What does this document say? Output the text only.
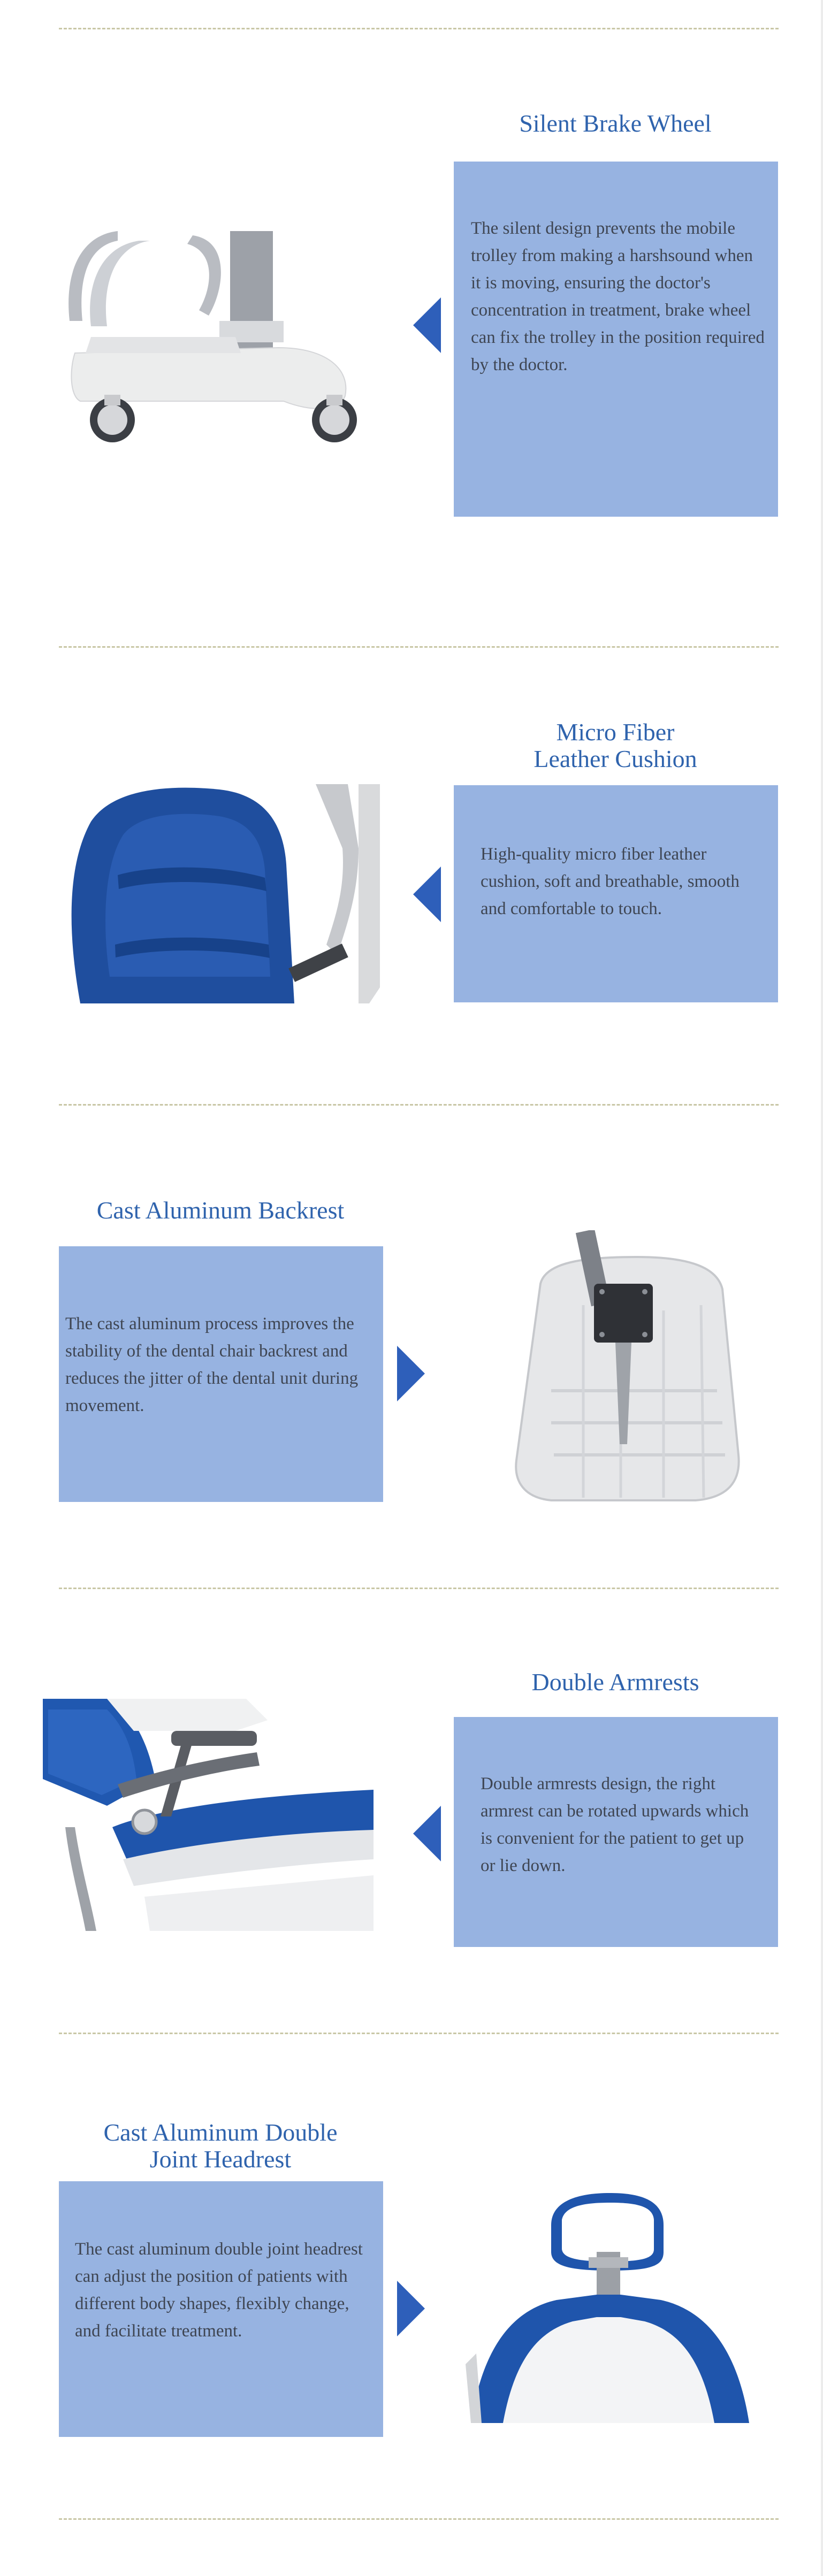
Silent Brake Wheel

The silent design prevents the mobile trolley from making a harshsound when it is moving, ensuring the doctor's concentration in treatment, brake wheel can fix the trolley in the position required by the doctor.

Micro Fiber
Leather Cushion

High-quality micro fiber leather cushion, soft and breathable, smooth and comfortable to touch.

Cast Aluminum Backrest

The cast aluminum process improves the stability of the dental chair backrest and reduces the jitter of the dental unit during movement.

Double Armrests

Double armrests design, the right armrest can be rotated upwards which is convenient for the patient to get up or lie down.

Cast Aluminum Double
Joint Headrest

The cast aluminum double joint headrest can adjust the position of patients with different body shapes, flexibly change, and facilitate treatment.
